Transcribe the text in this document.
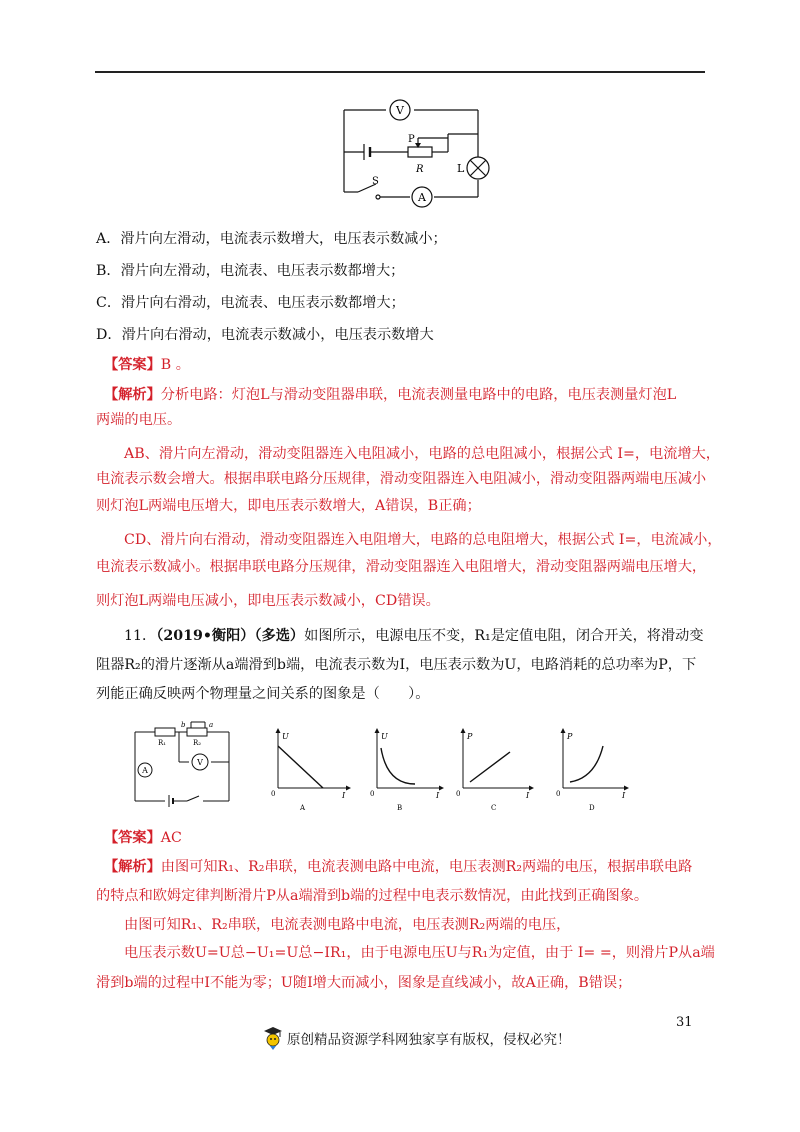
V
A
P
R	L
S
A．滑片向左滑动，电流表示数增大，电压表示数减小；
B．滑片向左滑动，电流表、电压表示数都增大；
C．滑片向右滑动，电流表、电压表示数都增大；
D．滑片向右滑动，电流表示数减小，电压表示数增大
【答案】B 。
【解析】分析电路：灯泡L与滑动变阻器串联，电流表测量电路中的电路，电压表测量灯泡L
两端的电压。
AB、滑片向左滑动，滑动变阻器连入电阻减小，电路的总电阻减小，根据公式 I=，电流增大，
电流表示数会增大。根据串联电路分压规律，滑动变阻器连入电阻减小，滑动变阻器两端电压减小
则灯泡L两端电压增大，即电压表示数增大，A错误，B正确；
CD、滑片向右滑动，滑动变阻器连入电阻增大，电路的总电阻增大，根据公式 I=，电流减小，
电流表示数减小。根据串联电路分压规律，滑动变阻器连入电阻增大，滑动变阻器两端电压增大，
则灯泡L两端电压减小，即电压表示数减小，CD错误。
11．（2019•衡阳）（多选）如图所示，电源电压不变，R₁是定值电阻，闭合开关，将滑动变
阻器R₂的滑片逐渐从a端滑到b端，电流表示数为I，电压表示数为U，电路消耗的总功率为P，下
列能正确反映两个物理量之间关系的图象是（　　）。
R₁	R₂
b	a
V
A
U
I
0
A
U
I
0
B
P
I
0
C
P
I
0
D
【答案】AC
【解析】由图可知R₁、R₂串联，电流表测电路中电流，电压表测R₂两端的电压，根据串联电路
的特点和欧姆定律判断滑片P从a端滑到b端的过程中电表示数情况，由此找到正确图象。
由图可知R₁、R₂串联，电流表测电路中电流，电压表测R₂两端的电压，
电压表示数U=U总−U₁=U总−IR₁，由于电源电压U与R₁为定值，由于 I= =，则滑片P从a端
滑到b端的过程中I不能为零；U随I增大而减小，图象是直线减小，故A正确，B错误；
31
原创精品资源学科网独家享有版权，侵权必究！
